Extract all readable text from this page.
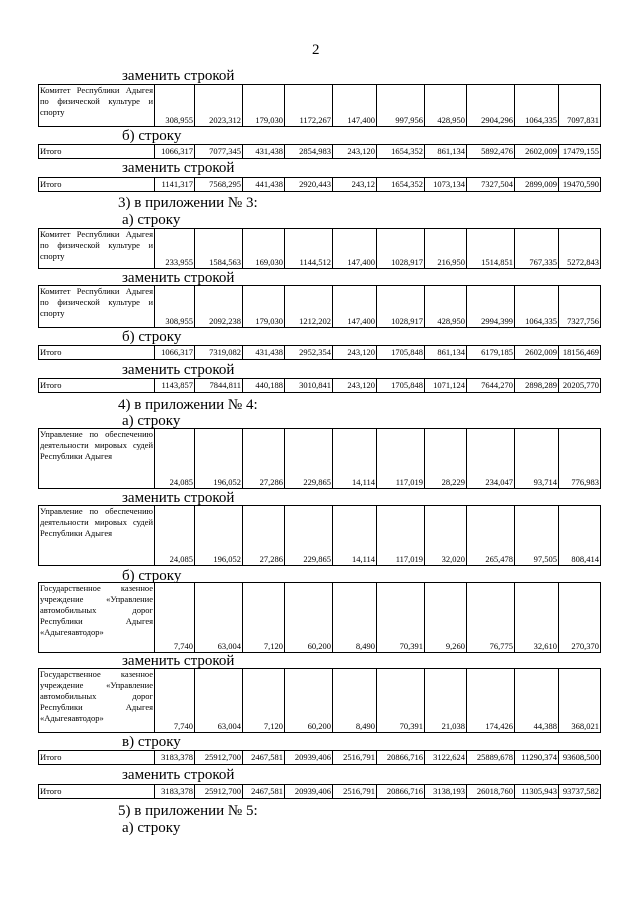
2
заменить строкой
Комитет Республики Адыгея по физической культуре и спорту	308,955	2023,312	179,030	1172,267	147,400	997,956	428,950	2904,296	1064,335	7097,831
б) строку
Итого	1066,317	7077,345	431,438	2854,983	243,120	1654,352	861,134	5892,476	2602,009	17479,155
заменить строкой
Итого	1141,317	7568,295	441,438	2920,443	243,12	1654,352	1073,134	7327,504	2899,009	19470,590
3) в приложении № 3:
а) строку
Комитет Республики Адыгея по физической культуре и спорту	233,955	1584,563	169,030	1144,512	147,400	1028,917	216,950	1514,851	767,335	5272,843
заменить строкой
Комитет Республики Адыгея по физической культуре и спорту	308,955	2092,238	179,030	1212,202	147,400	1028,917	428,950	2994,399	1064,335	7327,756
б) строку
Итого	1066,317	7319,082	431,438	2952,354	243,120	1705,848	861,134	6179,185	2602,009	18156,469
заменить строкой
Итого	1143,857	7844,811	440,188	3010,841	243,120	1705,848	1071,124	7644,270	2898,289	20205,770
4) в приложении № 4:
а) строку
Управление по обеспечению деятельности мировых судей Республики Адыгея	24,085	196,052	27,286	229,865	14,114	117,019	28,229	234,047	93,714	776,983
заменить строкой
Управление по обеспечению деятельности мировых судей Республики Адыгея	24,085	196,052	27,286	229,865	14,114	117,019	32,020	265,478	97,505	808,414
б) строку
Государственное казенное учреждение «Управление автомобильных дорог Республики Адыгея «Адыгеяавтодор»	7,740	63,004	7,120	60,200	8,490	70,391	9,260	76,775	32,610	270,370
заменить строкой
Государственное казенное учреждение «Управление автомобильных дорог Республики Адыгея «Адыгеяавтодор»	7,740	63,004	7,120	60,200	8,490	70,391	21,038	174,426	44,388	368,021
в) строку
Итого	3183,378	25912,700	2467,581	20939,406	2516,791	20866,716	3122,624	25889,678	11290,374	93608,500
заменить строкой
Итого	3183,378	25912,700	2467,581	20939,406	2516,791	20866,716	3138,193	26018,760	11305,943	93737,582
5) в приложении № 5:
а) строку
